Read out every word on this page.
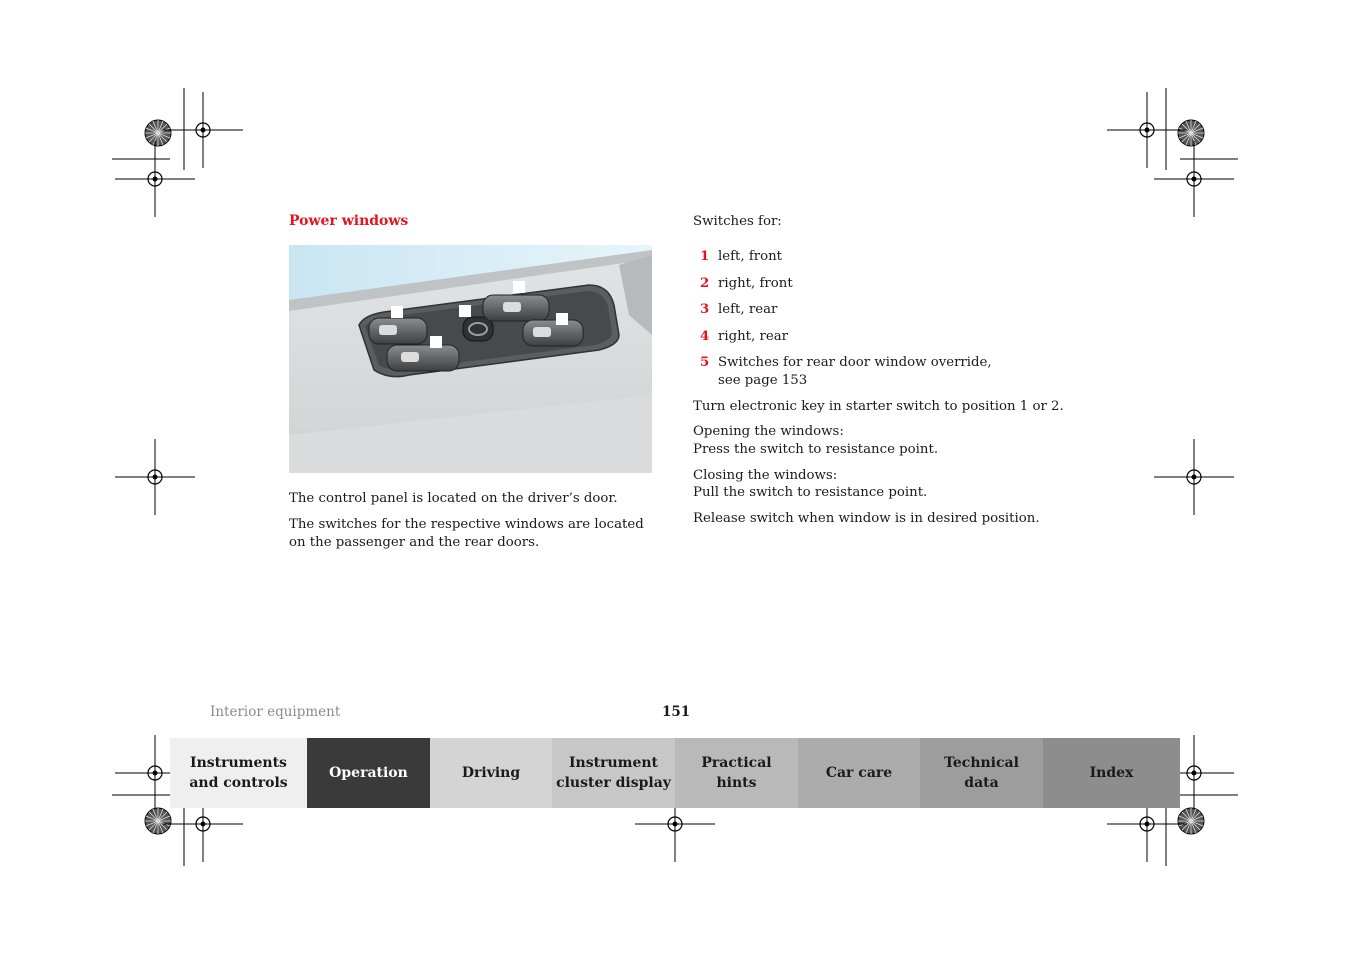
Power windows
P54.25-	-26
The control panel is located on the driver’s door.
The switches for the respective windows are located on the passenger and the rear doors.
Switches for:
1 left, front
2 right, front
3 left, rear
4 right, rear
5 Switches for rear door window override,
see page 153
Turn electronic key in starter switch to position 1 or 2.
Opening the windows:
Press the switch to resistance point.
Closing the windows:
Pull the switch to resistance point.
Release switch when window is in desired position.
Interior equipment	151
Instruments
and controls
Operation	Driving
Instrument
cluster display
Practical hints
Car care
Technical
data
Index
